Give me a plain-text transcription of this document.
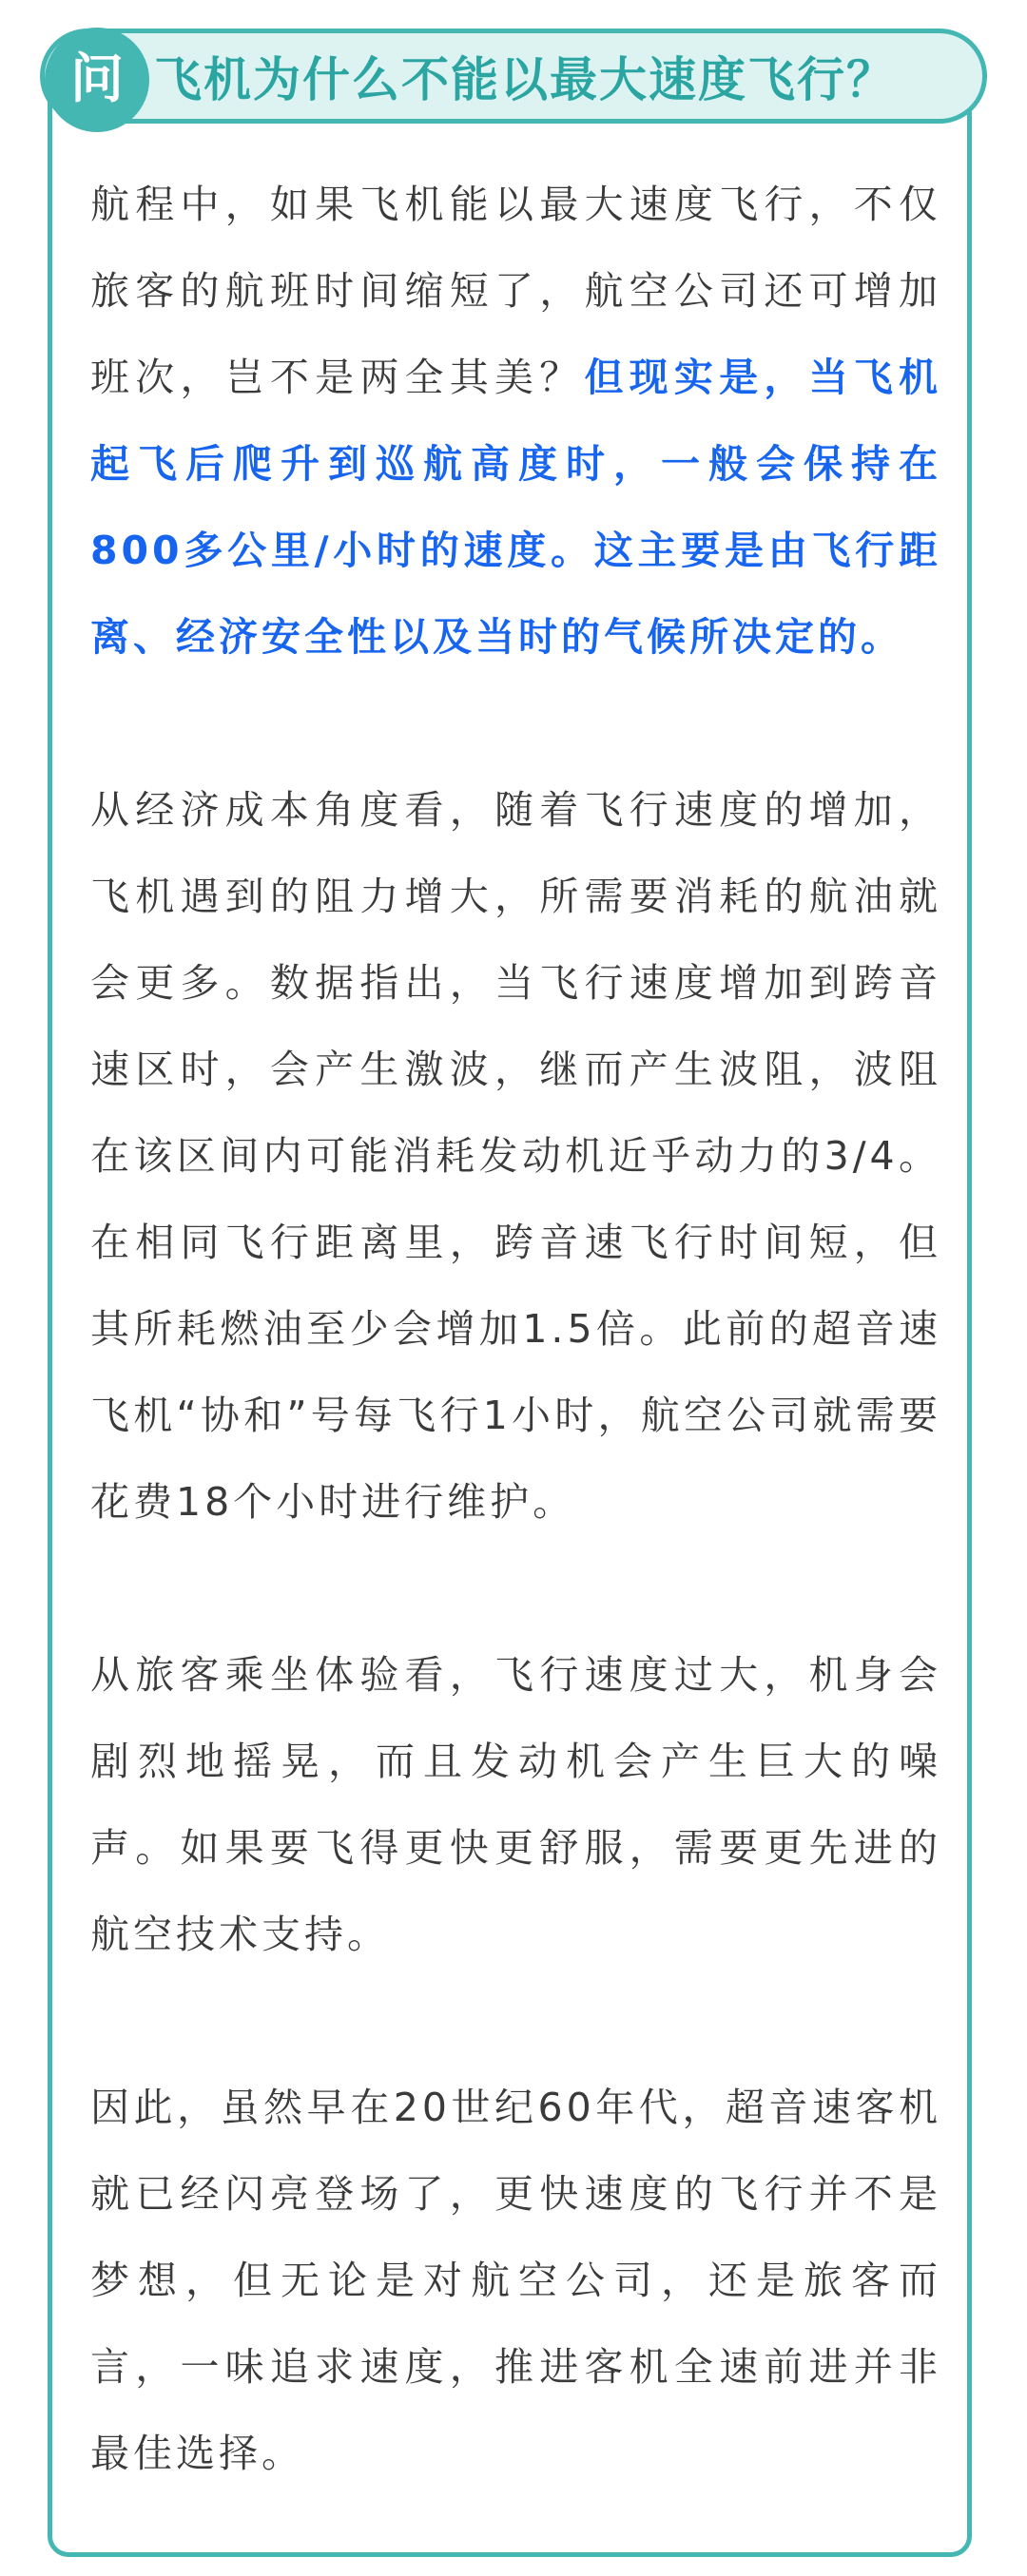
问 飞机为什么不能以最大速度飞行？

航程中，如果飞机能以最大速度飞行，不仅旅客的航班时间缩短了，航空公司还可增加班次，岂不是两全其美？但现实是，当飞机起飞后爬升到巡航高度时，一般会保持在800多公里/小时的速度。这主要是由飞行距离、经济安全性以及当时的气候所决定的。

从经济成本角度看，随着飞行速度的增加，飞机遇到的阻力增大，所需要消耗的航油就会更多。数据指出，当飞行速度增加到跨音速区时，会产生激波，继而产生波阻，波阻在该区间内可能消耗发动机近乎动力的3/4。在相同飞行距离里，跨音速飞行时间短，但其所耗燃油至少会增加1.5倍。此前的超音速飞机“协和”号每飞行1小时，航空公司就需要花费18个小时进行维护。

从旅客乘坐体验看，飞行速度过大，机身会剧烈地摇晃，而且发动机会产生巨大的噪声。如果要飞得更快更舒服，需要更先进的航空技术支持。

因此，虽然早在20世纪60年代，超音速客机就已经闪亮登场了，更快速度的飞行并不是梦想，但无论是对航空公司，还是旅客而言，一味追求速度，推进客机全速前进并非最佳选择。
